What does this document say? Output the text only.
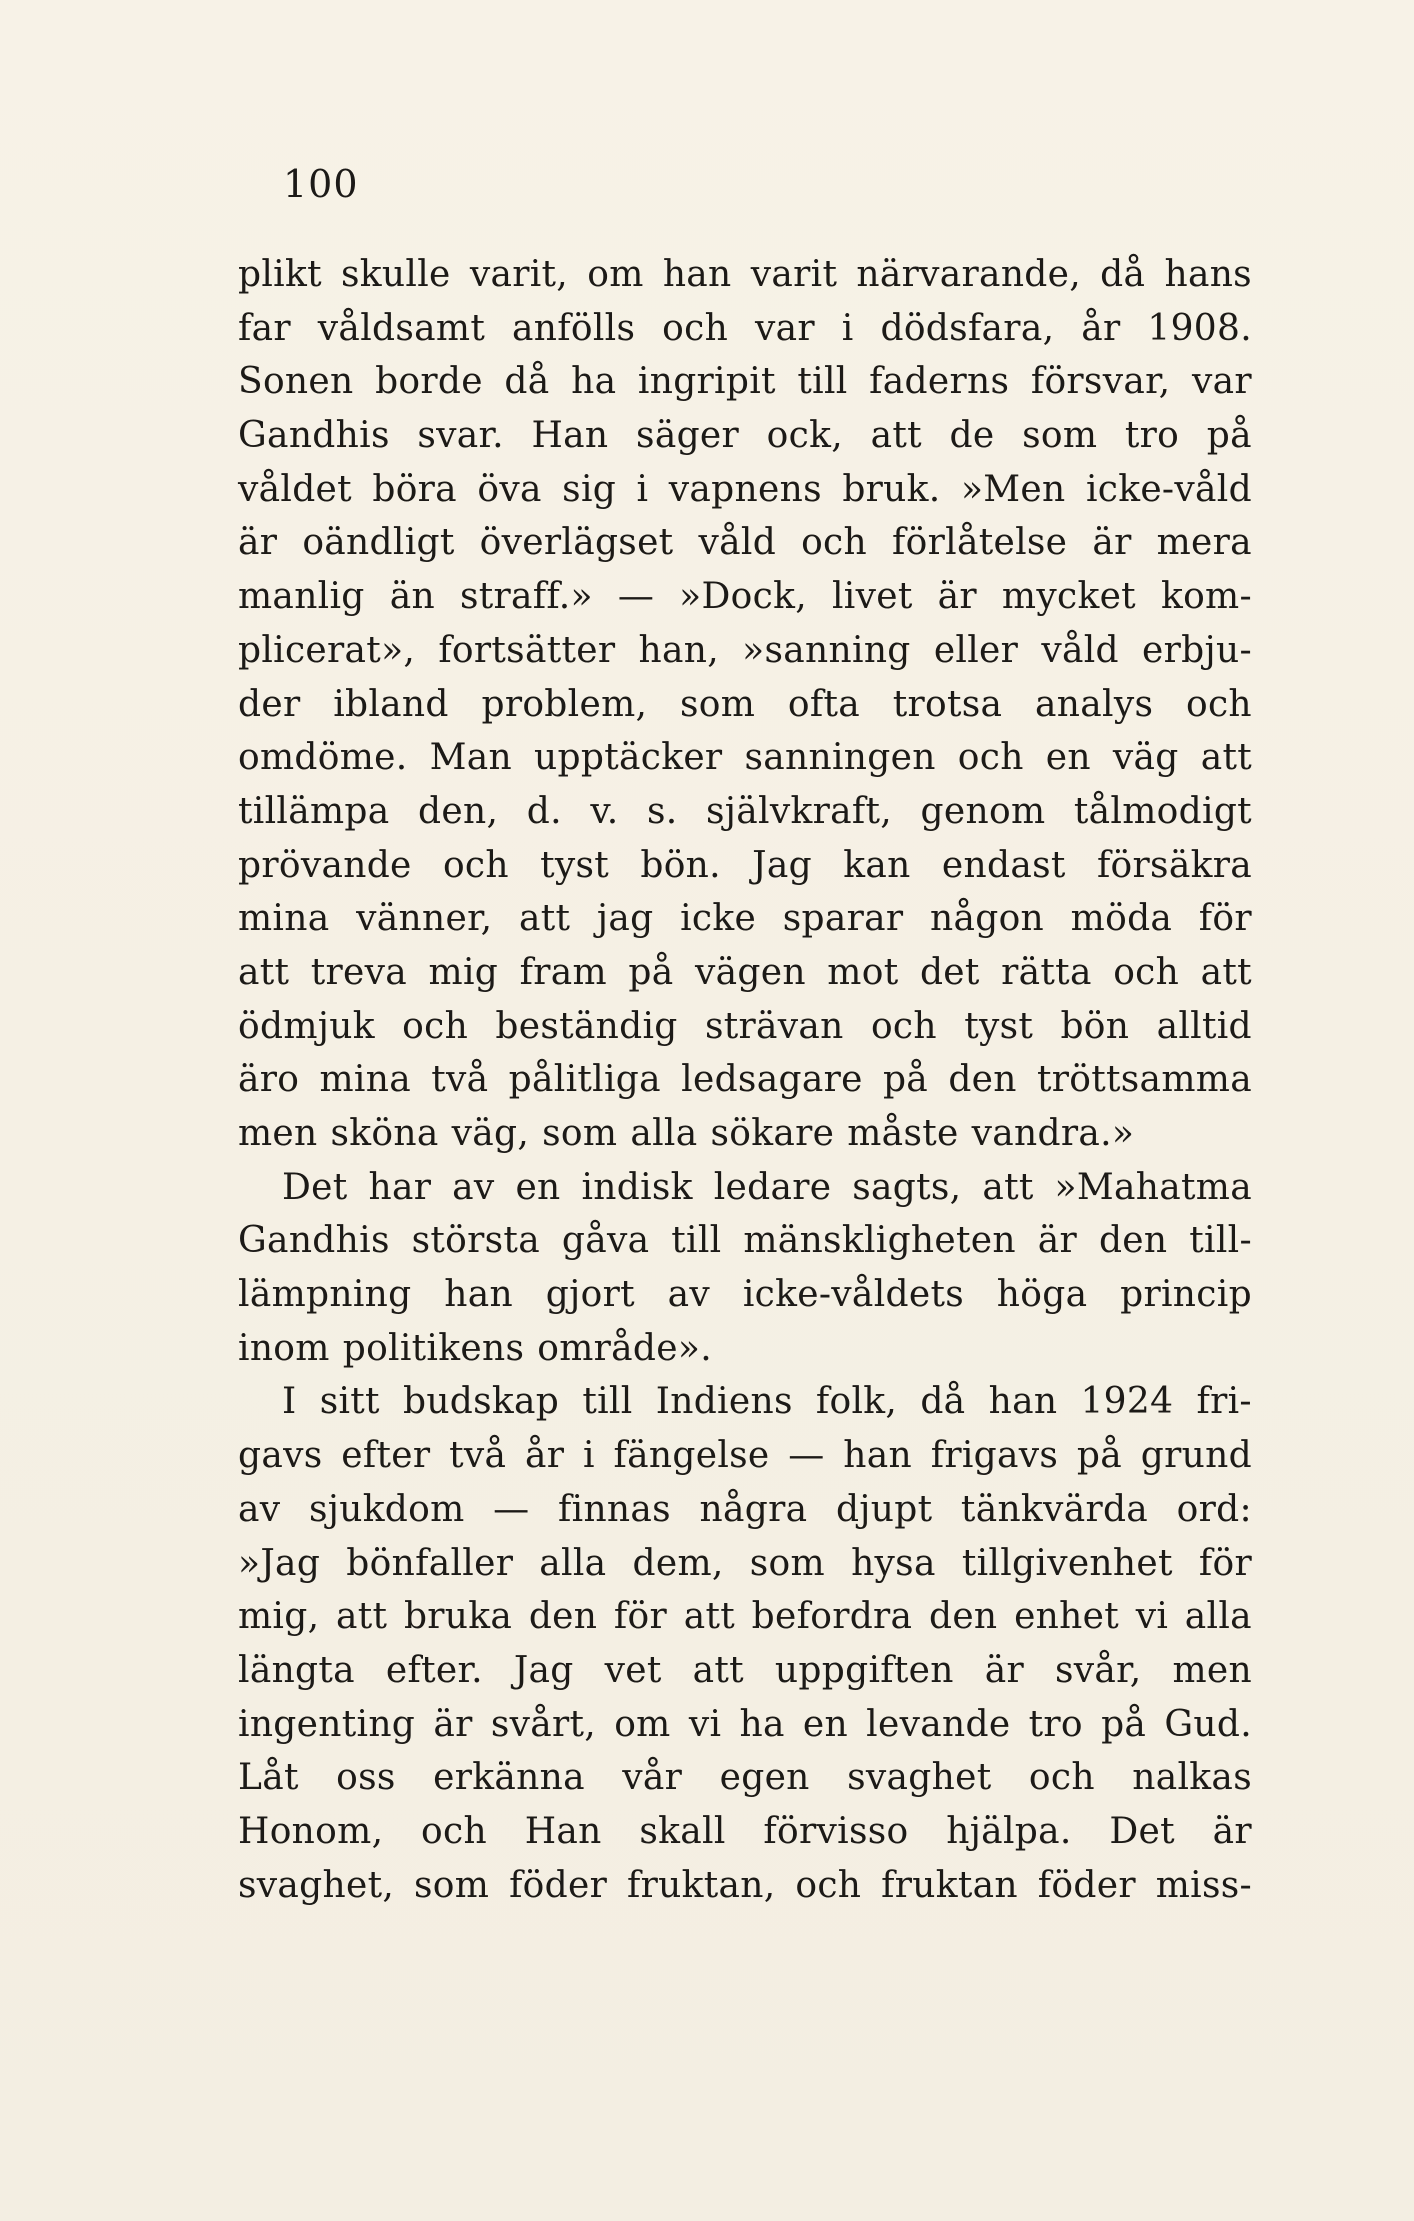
100
plikt skulle varit, om han varit närvarande, då hans
far våldsamt anfölls och var i dödsfara, år 1908.
Sonen borde då ha ingripit till faderns försvar, var
Gandhis svar. Han säger ock, att de som tro på
våldet böra öva sig i vapnens bruk. »Men icke-våld
är oändligt överlägset våld och förlåtelse är mera
manlig än straff.» — »Dock, livet är mycket kom-
plicerat», fortsätter han, »sanning eller våld erbju-
der ibland problem, som ofta trotsa analys och
omdöme. Man upptäcker sanningen och en väg att
tillämpa den, d. v. s. självkraft, genom tålmodigt
prövande och tyst bön. Jag kan endast försäkra
mina vänner, att jag icke sparar någon möda för
att treva mig fram på vägen mot det rätta och att
ödmjuk och beständig strävan och tyst bön alltid
äro mina två pålitliga ledsagare på den tröttsamma
men sköna väg, som alla sökare måste vandra.»
Det har av en indisk ledare sagts, att »Mahatma
Gandhis största gåva till mänskligheten är den till-
lämpning han gjort av icke-våldets höga princip
inom politikens område».
I sitt budskap till Indiens folk, då han 1924 fri-
gavs efter två år i fängelse — han frigavs på grund
av sjukdom — finnas några djupt tänkvärda ord:
»Jag bönfaller alla dem, som hysa tillgivenhet för
mig, att bruka den för att befordra den enhet vi alla
längta efter. Jag vet att uppgiften är svår, men
ingenting är svårt, om vi ha en levande tro på Gud.
Låt oss erkänna vår egen svaghet och nalkas
Honom, och Han skall förvisso hjälpa. Det är
svaghet, som föder fruktan, och fruktan föder miss-
